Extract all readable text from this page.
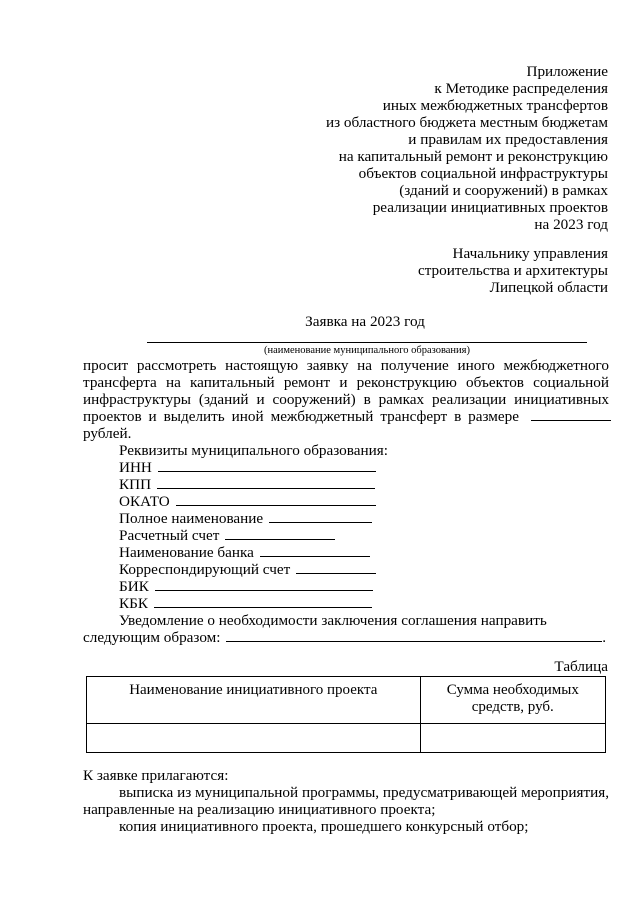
Приложение
к Методике распределения
иных межбюджетных трансфертов
из областного бюджета местным бюджетам
и правилам их предоставления
на капитальный ремонт и реконструкцию
объектов социальной инфраструктуры
(зданий и сооружений) в рамках
реализации инициативных проектов
на 2023 год
Начальнику управления
строительства и архитектуры
Липецкой области
Заявка на 2023 год
(наименование муниципального образования)
просит рассмотреть настоящую заявку на получение иного межбюджетного
трансферта на капитальный ремонт и реконструкцию объектов социальной
инфраструктуры (зданий и сооружений) в рамках реализации инициативных
проектов и выделить иной межбюджетный трансферт в размере
рублей.
Реквизиты муниципального образования:
ИНН
КПП
ОКАТО
Полное наименование
Расчетный счет
Наименование банка
Корреспондирующий счет
БИК
КБК
Уведомление о необходимости заключения соглашения направить
следующим образом:	.
Таблица
Наименование инициативного проекта	Сумма необходимых
средств, руб.

К заявке прилагаются:
выписка из муниципальной программы, предусматривающей мероприятия,
направленные на реализацию инициативного проекта;
копия инициативного проекта, прошедшего конкурсный отбор;
